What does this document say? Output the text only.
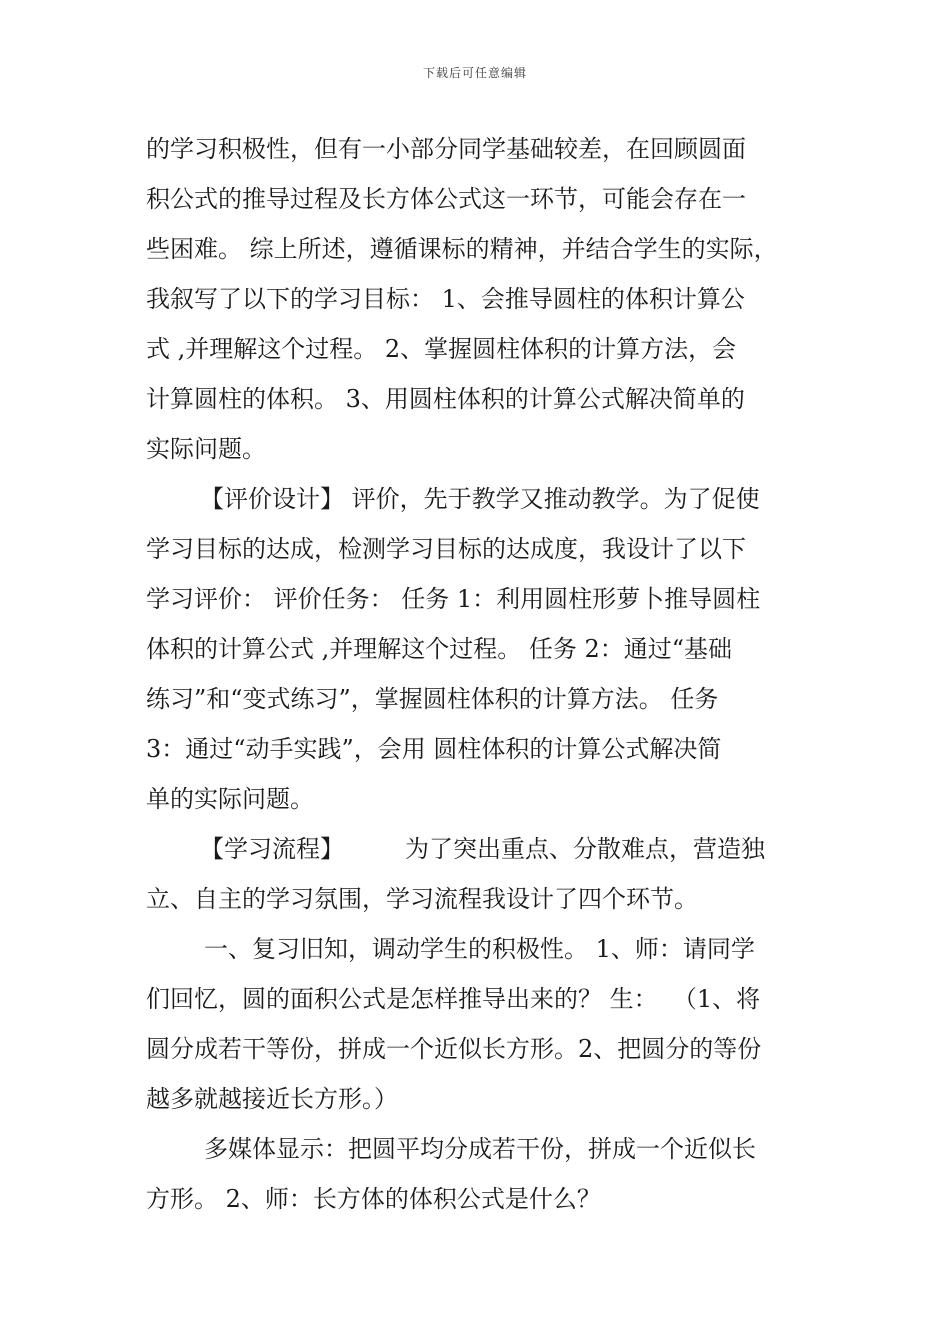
下载后可任意编辑
的学习积极性，但有一小部分同学基础较差，在回顾圆面
积公式的推导过程及长方体公式这一环节，可能会存在一
些困难。 综上所述，遵循课标的精神，并结合学生的实际，
我叙写了以下的学习目标： 1、会推导圆柱的体积计算公
式 ,并理解这个过程。 2、掌握圆柱体积的计算方法，会
计算圆柱的体积。 3、用圆柱体积的计算公式解决简单的
实际问题。
【评价设计】 评价，先于教学又推动教学。为了促使
学习目标的达成，检测学习目标的达成度，我设计了以下
学习评价： 评价任务： 任务 1：利用圆柱形萝卜推导圆柱
体积的计算公式 ,并理解这个过程。 任务 2：通过“基础
练习”和“变式练习”，掌握圆柱体积的计算方法。 任务
3：通过“动手实践”，会用 圆柱体积的计算公式解决简
单的实际问题。
【学习流程】        为了突出重点、分散难点，营造独
立、自主的学习氛围，学习流程我设计了四个环节。
一、复习旧知，调动学生的积极性。 1、师：请同学
们回忆，圆的面积公式是怎样推导出来的？ 生：  （1、将
圆分成若干等份，拼成一个近似长方形。2、把圆分的等份
越多就越接近长方形。）
多媒体显示：把圆平均分成若干份，拼成一个近似长
方形。 2、师：长方体的体积公式是什么？
